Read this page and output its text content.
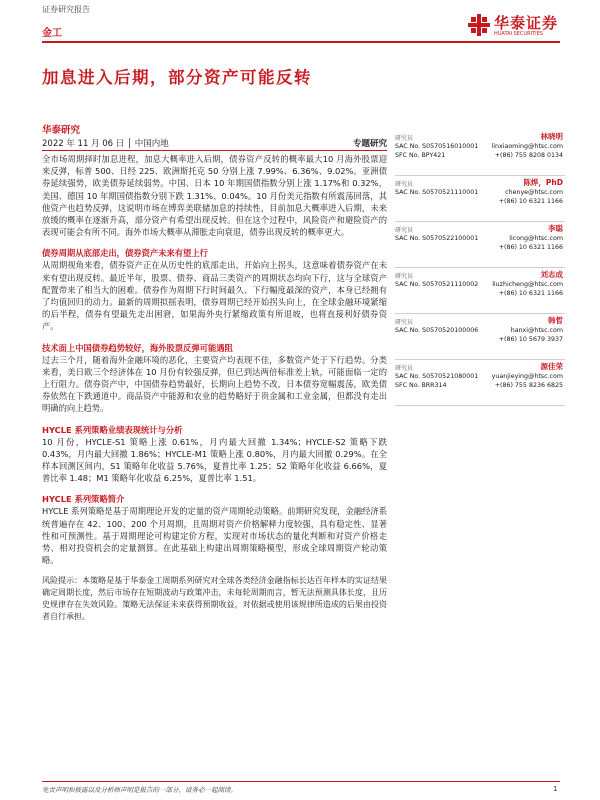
证券研究报告
金工
华泰证券
HUATAI SECURITIES
加息进入后期，部分资产可能反转
华泰研究
2022 年 11 月 06 日 │ 中国内地	专题研究
全市场周期择时加息进程，加息大概率进入后期，债券资产反转的概率最大10 月海外股票迎来反弹，标普 500、日经 225、欧洲斯托克 50 分别上涨 7.99%、6.36%、9.02%。亚洲债券延续强势，欧美债券延续弱势。中国、日本 10 年期国债指数分别上涨 1.17%和 0.32%，美国、德国 10 年期国债指数分别下跌 1.31%、0.04%。10 月份美元指数有所震荡回落，其他资产也趋势反弹，这说明市场在博弈美联储加息的持续性，目前加息大概率进入后期，未来放缓的概率在逐渐升高，部分资产有希望出现反转。但在这个过程中，风险资产和避险资产的表现可能会有所不同。海外市场大概率从滞胀走向衰退，债券出现反转的概率更大。
债券周期从底部走出，债券资产未来有望上行
从周期视角来看，债券资产正在从历史性的底部走出，开始向上拐头，这意味着债券资产在未来有望出现反转。最近半年，股票、债券、商品三类资产的周期状态均向下行，这与全球资产配置带来了相当大的困难。债券作为周期下行时间最久、下行幅度最深的资产，本身已经拥有了均值回归的动力。最新的周期拟摇表明，债券周期已经开始拐头向上，在全球金融环境紧缩的后半程，债券有望最先走出困窘，如果海外央行紧缩政策有所退坡，也将直接利好债券资产。
技术面上中国债券趋势较好，海外股票反弹可能遇阻
过去三个月，随着海外金融环境的恶化，主要资产均表现不佳，多数资产处于下行趋势。分类来看，美日欧三个经济体在 10 月份有较强反弹，但已到达两倍标准差上轨，可能面临一定的上行阻力。债券资产中，中国债券趋势最好，长期向上趋势不改，日本债券宽幅震荡，欧美债券依然在下跌通道中。商品资产中能源和农业的趋势略好于贵金属和工业金属，但都没有走出明确的向上趋势。
HYCLE 系列策略业绩表现统计与分析
10 月份，HYCLE-S1 策略上涨 0.61%，月内最大回撤 1.34%；HYCLE-S2 策略下跌 0.43%，月内最大回撤 1.86%；HYCLE-M1 策略上涨 0.80%，月内最大回撤 0.29%。在全样本回测区间内，S1 策略年化收益 5.76%，夏普比率 1.25；S2 策略年化收益 6.66%，夏普比率 1.48；M1 策略年化收益 6.25%，夏普比率 1.51。
HYCLE 系列策略简介
HYCLE 系列策略是基于周期理论开发的定量的资产周期轮动策略。前期研究发现，金融经济系统普遍存在 42、100、200 个月周期，且周期对资产价格解释力度较强，具有稳定性、显著性和可预测性。基于周期理论可构建定价方程，实现对市场状态的量化判断和对资产价格走势、相对投资机会的定量测算。在此基础上构建出周期策略模型，形成全球周期资产轮动策略。
风险提示：本策略是基于华泰金工周期系列研究对全球各类经济金融指标长达百年样本的实证结果确定周期长度，然后市场存在短期波动与政策冲击，未每轮周期而言，暂无法预测具体长度，且历史规律存在失效风险。策略无法保证未来获得预期收益，对依据或使用该规律所造成的后果由投资者自行承担。
研究员	林晓明
SAC No. S0570516010001 linxiaoming@htsc.com
SFC No. BPY421	+(86) 755 8208 0134
研究员	陈烨，PhD
SAC No. S0570521110001	chenye@htsc.com
+(86) 10 6321 1166
研究员	李聪
SAC No. S0570522100001	licong@htsc.com
+(86) 10 6321 1166
研究员	刘志成
SAC No. S0570521110002 liuzhicheng@htsc.com
+(86) 10 6321 1166
研究员	韩晳
SAC No. S0570520100006	hanxi@htsc.com
+(86) 10 5679 3937
研究员	源佳荣
SAC No. S0570521080001 yuanjieying@htsc.com
SFC No. BRR314	+(86) 755 8236 6825
免责声明和披露以及分析师声明是报告的一部分，请务必一起阅读。	1
